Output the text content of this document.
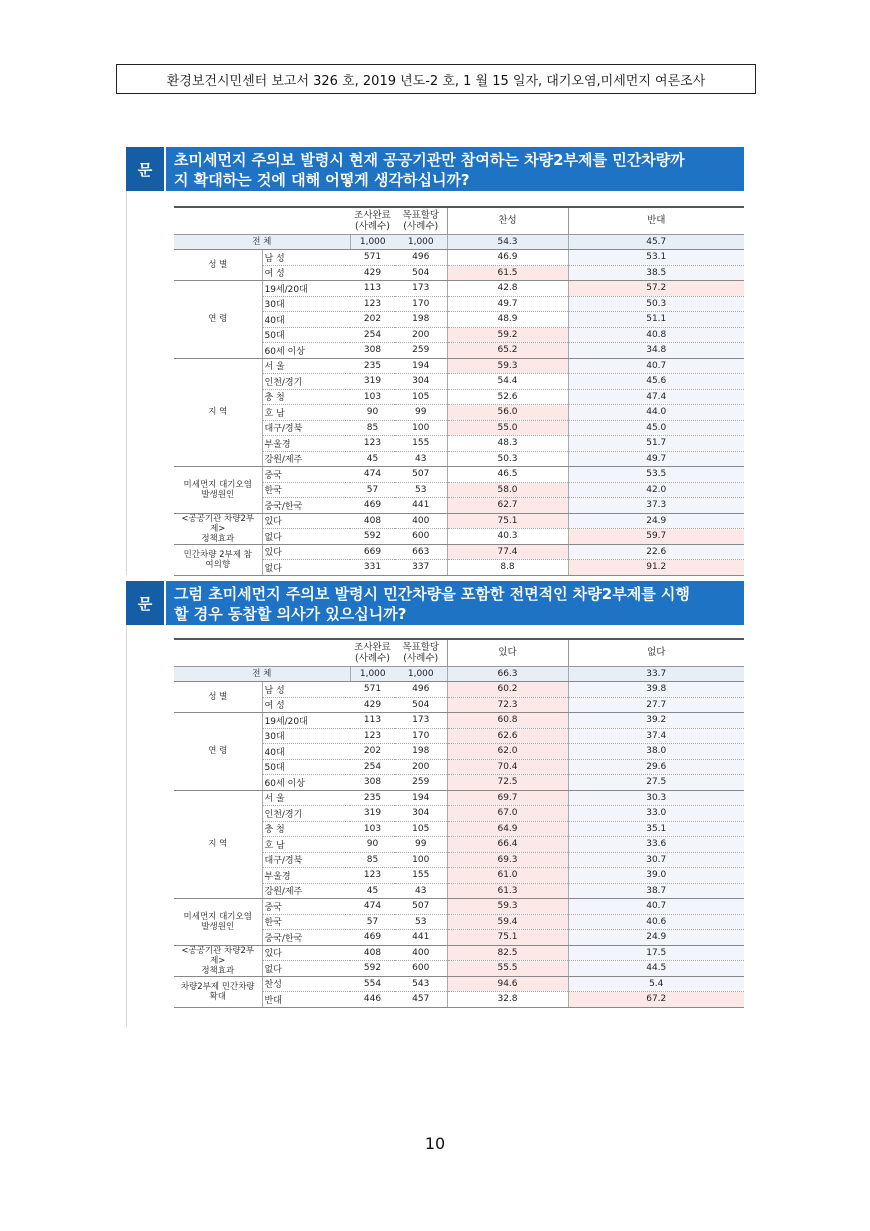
환경보건시민센터 보고서 326 호, 2019 년도-2 호, 1 월 15 일자, 대기오염,미세먼지 여론조사
문
초미세먼지 주의보 발령시 현재 공공기관만 참여하는 차량2부제를 민간차량까
지 확대하는 것에 대해 어떻게 생각하십니까?
		조사완료
(사례수)	목표할당
(사례수)	찬성	반대
전 체		1,000	1,000	54.3	45.7
성 별	남 성	571	496	46.9	53.1
	여 성	429	504	61.5	38.5
연 령	19세/20대	113	173	42.8	57.2
	30대	123	170	49.7	50.3
	40대	202	198	48.9	51.1
	50대	254	200	59.2	40.8
	60세 이상	308	259	65.2	34.8
지 역	서 울	235	194	59.3	40.7
	인천/경기	319	304	54.4	45.6
	충 청	103	105	52.6	47.4
	호 남	90	99	56.0	44.0
	대구/경북	85	100	55.0	45.0
	부울경	123	155	48.3	51.7
	강원/제주	45	43	50.3	49.7
미세먼지 대기오염
발생원인	중국	474	507	46.5	53.5
	한국	57	53	58.0	42.0
	중국/한국	469	441	62.7	37.3
<공공기관 차량2부
제>
정책효과	있다	408	400	75.1	24.9
	없다	592	600	40.3	59.7
민간차량 2부제 참
여의향	있다	669	663	77.4	22.6
	없다	331	337	8.8	91.2
문
그럼 초미세먼지 주의보 발령시 민간차량을 포함한 전면적인 차량2부제를 시행
할 경우 동참할 의사가 있으십니까?
		조사완료
(사례수)	목표할당
(사례수)	있다	없다
전 체		1,000	1,000	66.3	33.7
성 별	남 성	571	496	60.2	39.8
	여 성	429	504	72.3	27.7
연 령	19세/20대	113	173	60.8	39.2
	30대	123	170	62.6	37.4
	40대	202	198	62.0	38.0
	50대	254	200	70.4	29.6
	60세 이상	308	259	72.5	27.5
지 역	서 울	235	194	69.7	30.3
	인천/경기	319	304	67.0	33.0
	충 청	103	105	64.9	35.1
	호 남	90	99	66.4	33.6
	대구/경북	85	100	69.3	30.7
	부울경	123	155	61.0	39.0
	강원/제주	45	43	61.3	38.7
미세먼지 대기오염
발생원인	중국	474	507	59.3	40.7
	한국	57	53	59.4	40.6
	중국/한국	469	441	75.1	24.9
<공공기관 차량2부
제>
정책효과	있다	408	400	82.5	17.5
	없다	592	600	55.5	44.5
차량2부제 민간차량
확대	찬성	554	543	94.6	5.4
	반대	446	457	32.8	67.2
10
